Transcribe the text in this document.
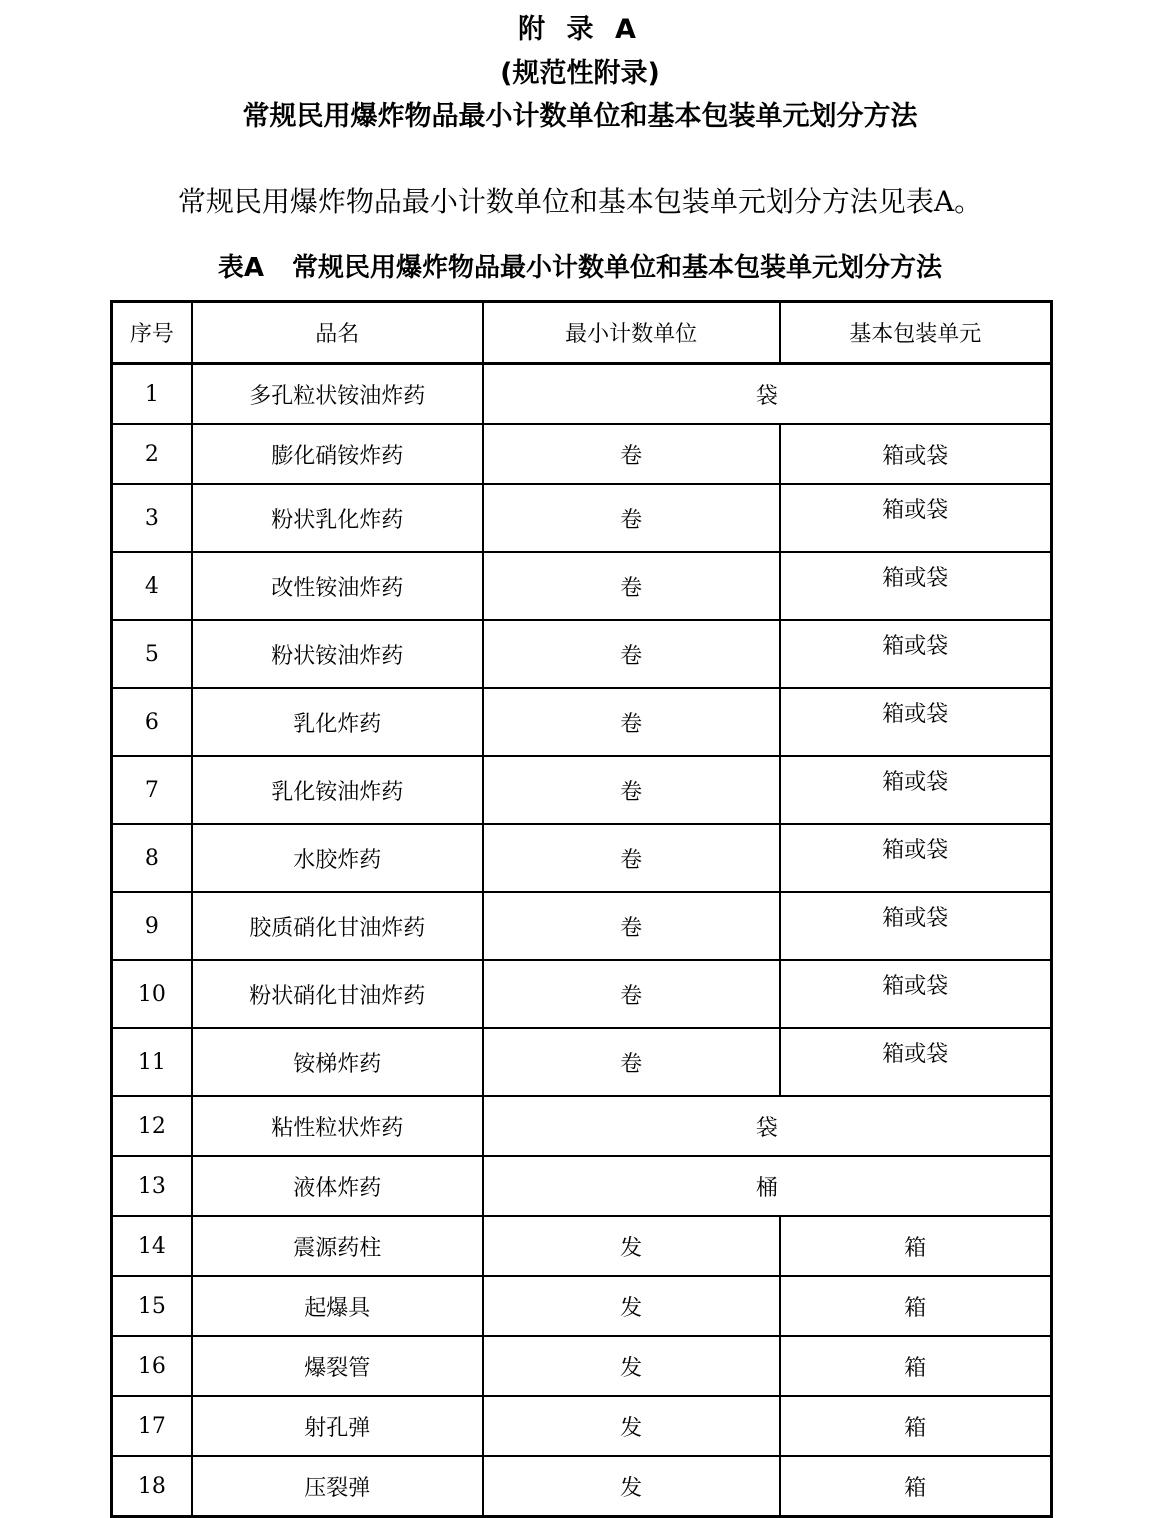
附 录 A
(规范性附录)
常规民用爆炸物品最小计数单位和基本包装单元划分方法
常规民用爆炸物品最小计数单位和基本包装单元划分方法见表A。
表A 常规民用爆炸物品最小计数单位和基本包装单元划分方法
序号	品名	最小计数单位	基本包装单元
1	多孔粒状铵油炸药	袋	
2	膨化硝铵炸药	卷	箱或袋
3	粉状乳化炸药	卷	箱或袋
4	改性铵油炸药	卷	箱或袋
5	粉状铵油炸药	卷	箱或袋
6	乳化炸药	卷	箱或袋
7	乳化铵油炸药	卷	箱或袋
8	水胶炸药	卷	箱或袋
9	胶质硝化甘油炸药	卷	箱或袋
10	粉状硝化甘油炸药	卷	箱或袋
11	铵梯炸药	卷	箱或袋
12	粘性粒状炸药	袋	
13	液体炸药	桶	
14	震源药柱	发	箱
15	起爆具	发	箱
16	爆裂管	发	箱
17	射孔弹	发	箱
18	压裂弹	发	箱
